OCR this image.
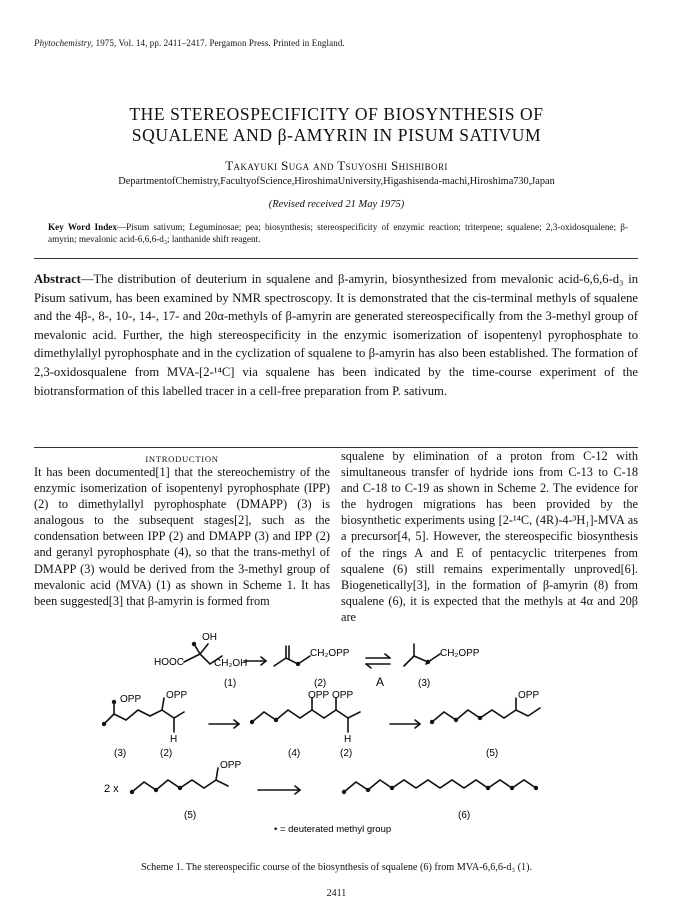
Phytochemistry, 1975, Vol. 14, pp. 2411–2417. Pergamon Press. Printed in England.
THE STEREOSPECIFICITY OF BIOSYNTHESIS OF
SQUALENE AND β-AMYRIN IN PISUM SATIVUM
Takayuki Suga and Tsuyoshi Shishibori
DepartmentofChemistry,FacultyofScience,HiroshimaUniversity,Higashisenda-machi,Hiroshima730,Japan
(Revised received 21 May 1975)
Key Word Index—Pisum sativum; Leguminosae; pea; biosynthesis; stereospecificity of enzymic reaction; triterpene; squalene; 2,3-oxidosqualene; β-amyrin; mevalonic acid-6,6,6-d₃; lanthanide shift reagent.
Abstract—The distribution of deuterium in squalene and β-amyrin, biosynthesized from mevalonic acid-6,6,6-d₃ in Pisum sativum, has been examined by NMR spectroscopy. It is demonstrated that the cis-terminal methyls of squalene and the 4β-, 8-, 10-, 14-, 17- and 20α-methyls of β-amyrin are generated stereospecifically from the 3-methyl group of mevalonic acid. Further, the high stereospecificity in the enzymic isomerization of isopentenyl pyrophosphate to dimethylallyl pyrophosphate and in the cyclization of squalene to β-amyrin has also been established. The formation of 2,3-oxidosqualene from MVA-[2-¹⁴C] via squalene has been indicated by the time-course experiment of the biotransformation of this labelled tracer in a cell-free preparation from P. sativum.
INTRODUCTION
It has been documented[1] that the stereochemistry of the enzymic isomerization of isopentenyl pyrophosphate (IPP) (2) to dimethylallyl pyrophosphate (DMAPP) (3) is analogous to the subsequent stages[2], such as the condensation between IPP (2) and DMAPP (3) and IPP (2) and geranyl pyrophosphate (4), so that the trans-methyl of DMAPP (3) would be derived from the 3-methyl group of mevalonic acid (MVA) (1) as shown in Scheme 1. It has been suggested[3] that β-amyrin is formed from
squalene by elimination of a proton from C-12 with simultaneous transfer of hydride ions from C-13 to C-18 and C-18 to C-19 as shown in Scheme 2. The evidence for the hydrogen migrations has been provided by the biosynthetic experiments using [2-¹⁴C, (4R)-4-³H₁]-MVA as a precursor[4, 5]. However, the stereospecific biosynthesis of the rings A and E of pentacyclic triterpenes from squalene (6) still remains experimentally unproved[6]. Biogenetically[3], in the formation of β-amyrin (8) from squalene (6), it is expected that the methyls at 4α and 20β are
HOOC
OH
CH₂OH
CH₂OPP	CH₂OPP
(1)	(2)	A	(3)
OPP OPP
H
OPP OPP
H
OPP
(3)	(2)	(4)	(2)	(5)
2 x
OPP
(5)	(6)
• = deuterated methyl group
Scheme 1. The stereospecific course of the biosynthesis of squalene (6) from MVA-6,6,6-d₃ (1).
2411
